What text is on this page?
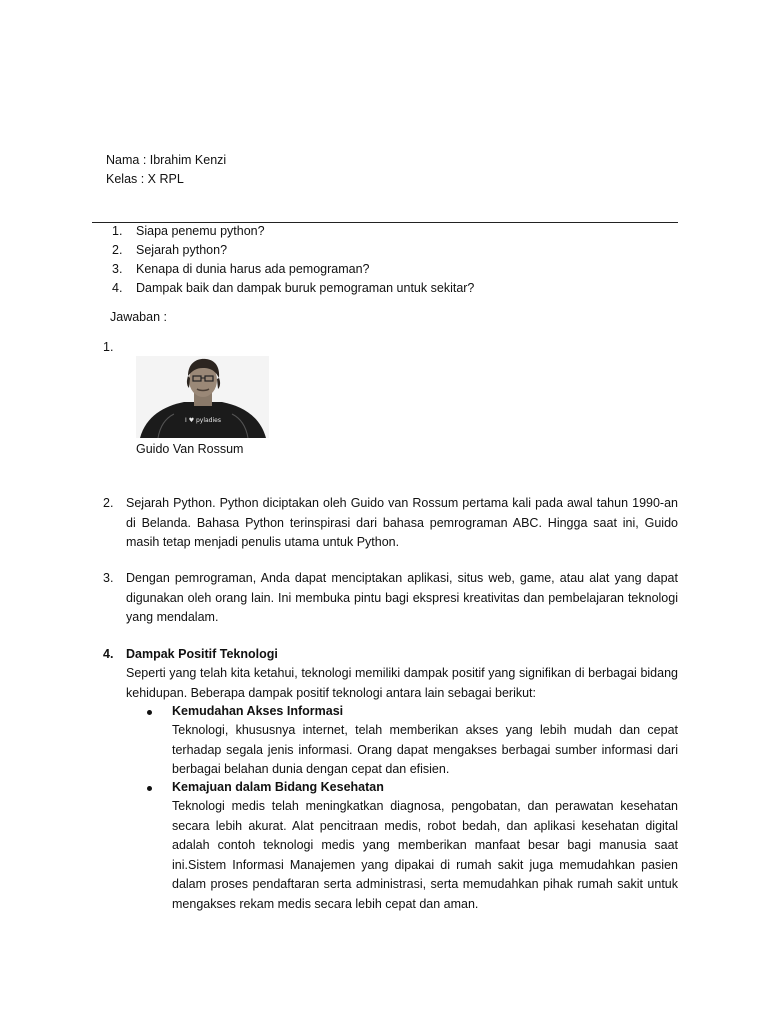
Nama : Ibrahim Kenzi
Kelas : X RPL
1. Siapa penemu python?
2. Sejarah python?
3. Kenapa di dunia harus ada pemograman?
4. Dampak baik dan dampak buruk pemograman untuk sekitar?
Jawaban :
1.
I ♥ pyladies
Guido Van Rossum
2. Sejarah Python. Python diciptakan oleh Guido van Rossum pertama kali pada awal tahun 1990-an di Belanda. Bahasa Python terinspirasi dari bahasa pemrograman ABC. Hingga saat ini, Guido masih tetap menjadi penulis utama untuk Python.
3. Dengan pemrograman, Anda dapat menciptakan aplikasi, situs web, game, atau alat yang dapat digunakan oleh orang lain. Ini membuka pintu bagi ekspresi kreativitas dan pembelajaran teknologi yang mendalam.
4. Dampak Positif Teknologi
Seperti yang telah kita ketahui, teknologi memiliki dampak positif yang signifikan di berbagai bidang kehidupan. Beberapa dampak positif teknologi antara lain sebagai berikut:
Kemudahan Akses Informasi
Teknologi, khususnya internet, telah memberikan akses yang lebih mudah dan cepat terhadap segala jenis informasi. Orang dapat mengakses berbagai sumber informasi dari berbagai belahan dunia dengan cepat dan efisien.
Kemajuan dalam Bidang Kesehatan
Teknologi medis telah meningkatkan diagnosa, pengobatan, dan perawatan kesehatan secara lebih akurat. Alat pencitraan medis, robot bedah, dan aplikasi kesehatan digital adalah contoh teknologi medis yang memberikan manfaat besar bagi manusia saat ini.Sistem Informasi Manajemen yang dipakai di rumah sakit juga memudahkan pasien dalam proses pendaftaran serta administrasi, serta memudahkan pihak rumah sakit untuk mengakses rekam medis secara lebih cepat dan aman.
